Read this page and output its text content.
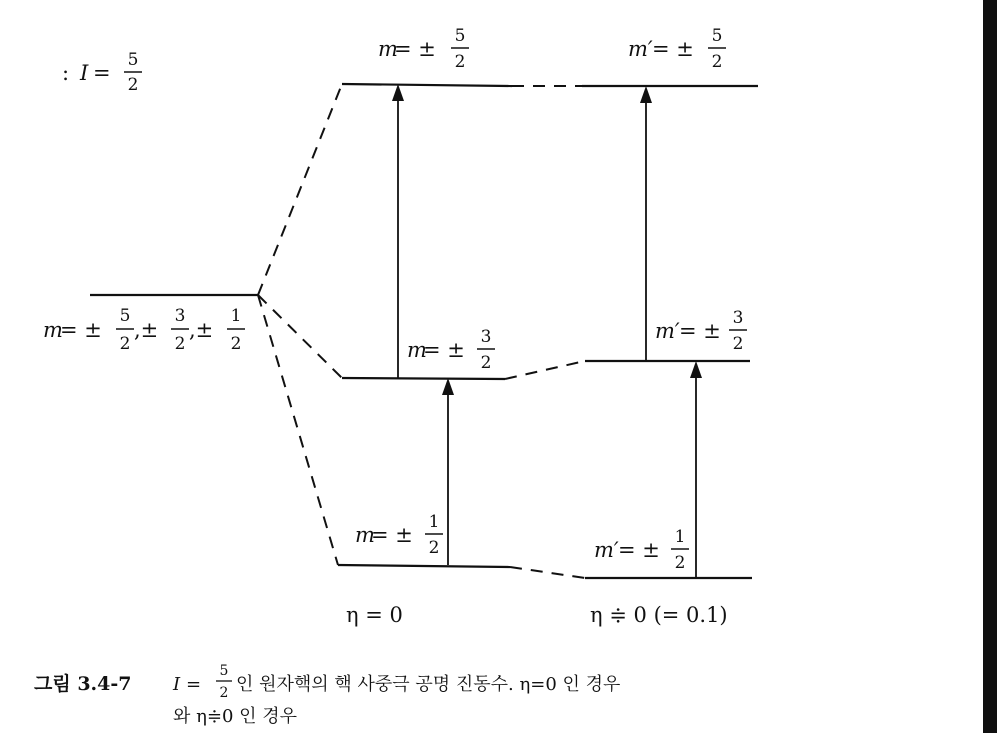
: I =
5
2
m
= ±
5
2
,±
3
2
,±
1
2
m
= ±
5
2
m′ = ±
5
2
m
= ±
3
2
m′ = ±
3
2
m
= ±
1
2	m′ = ±
1
2
η = 0	η ≑ 0 (= 0.1)
그림 3.4-7 I =
5
2 인 원자핵의 핵 사중극 공명 진동수. η=0 인 경우
와 η≑0 인 경우
